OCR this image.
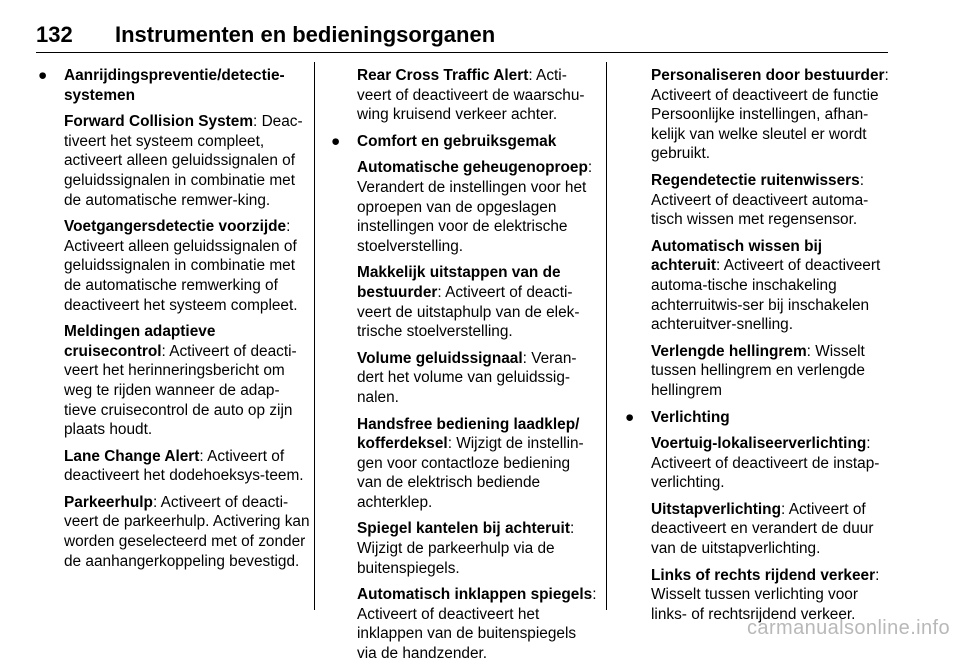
132 Instrumenten en bedieningsorganen
● Aanrijdingspreventie/detectie-systemen
Forward Collision System: Deac-tiveert het systeem compleet, activeert alleen geluidssignalen of geluidssignalen in combinatie met de automatische remwer-king.
Voetgangersdetectie voorzijde: Activeert alleen geluidssignalen of geluidssignalen in combinatie met de automatische remwerking of deactiveert het systeem compleet.
Meldingen adaptieve cruisecontrol: Activeert of deacti-veert het herinneringsbericht om weg te rijden wanneer de adap-tieve cruisecontrol de auto op zijn plaats houdt.
Lane Change Alert: Activeert of deactiveert het dodehoeksys-teem.
Parkeerhulp: Activeert of deacti-veert de parkeerhulp. Activering kan worden geselecteerd met of zonder de aanhangerkoppeling bevestigd.
Rear Cross Traffic Alert: Acti-veert of deactiveert de waarschu-wing kruisend verkeer achter.
● Comfort en gebruiksgemak
Automatische geheugenoproep: Verandert de instellingen voor het oproepen van de opgeslagen instellingen voor de elektrische stoelverstelling.
Makkelijk uitstappen van de bestuurder: Activeert of deacti-veert de uitstaphulp van de elek-trische stoelverstelling.
Volume geluidssignaal: Veran-dert het volume van geluidssig-nalen.
Handsfree bediening laadklep/ kofferdeksel: Wijzigt de instellin-gen voor contactloze bediening van de elektrisch bediende achterklep.
Spiegel kantelen bij achteruit: Wijzigt de parkeerhulp via de buitenspiegels.
Automatisch inklappen spiegels: Activeert of deactiveert het inklappen van de buitenspiegels via de handzender.
Personaliseren door bestuurder: Activeert of deactiveert de functie Persoonlijke instellingen, afhan-kelijk van welke sleutel er wordt gebruikt.
Regendetectie ruitenwissers: Activeert of deactiveert automa-tisch wissen met regensensor.
Automatisch wissen bij achteruit: Activeert of deactiveert automa-tische inschakeling achterruitwis-ser bij inschakelen achteruitver-snelling.
Verlengde hellingrem: Wisselt tussen hellingrem en verlengde hellingrem
● Verlichting
Voertuig-lokaliseerverlichting: Activeert of deactiveert de instap-verlichting.
Uitstapverlichting: Activeert of deactiveert en verandert de duur van de uitstapverlichting.
Links of rechts rijdend verkeer: Wisselt tussen verlichting voor links- of rechtsrijdend verkeer.
carmanualsonline.info
